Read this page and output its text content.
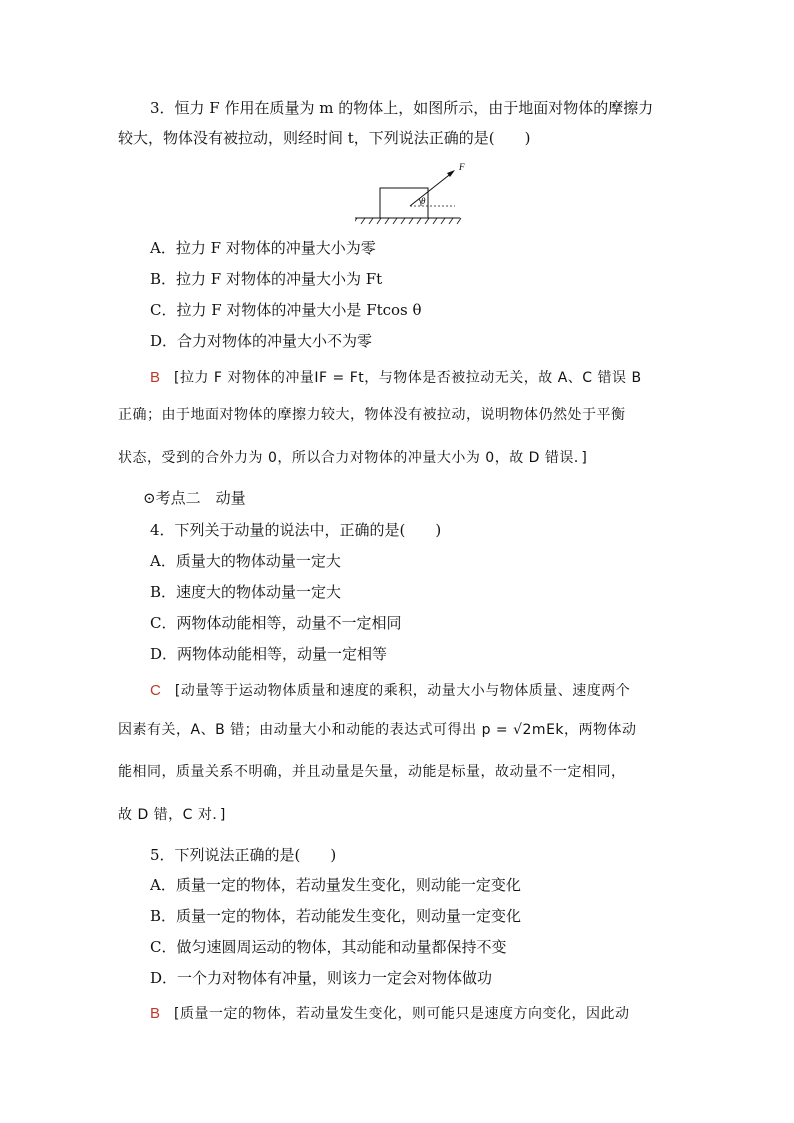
3．恒力 F 作用在质量为 m 的物体上，如图所示，由于地面对物体的摩擦力
较大，物体没有被拉动，则经时间 t，下列说法正确的是(　　)
F
θ
A．拉力 F 对物体的冲量大小为零
B．拉力 F 对物体的冲量大小为 Ft
C．拉力 F 对物体的冲量大小是 Ftcos θ
D．合力对物体的冲量大小不为零
B [拉力 F 对物体的冲量IF = Ft，与物体是否被拉动无关，故 A、C 错误 B
正确；由于地面对物体的摩擦力较大，物体没有被拉动，说明物体仍然处于平衡
状态，受到的合外力为 0，所以合力对物体的冲量大小为 0，故 D 错误．]
⊙考点二　动量
4．下列关于动量的说法中，正确的是(　　)
A．质量大的物体动量一定大
B．速度大的物体动量一定大
C．两物体动能相等，动量不一定相同
D．两物体动能相等，动量一定相等
C [动量等于运动物体质量和速度的乘积，动量大小与物体质量、速度两个
因素有关，A、B 错；由动量大小和动能的表达式可得出 p = √2mEk，两物体动
能相同，质量关系不明确，并且动量是矢量，动能是标量，故动量不一定相同，
故 D 错，C 对．]
5．下列说法正确的是(　　)
A．质量一定的物体，若动量发生变化，则动能一定变化
B．质量一定的物体，若动能发生变化，则动量一定变化
C．做匀速圆周运动的物体，其动能和动量都保持不变
D．一个力对物体有冲量，则该力一定会对物体做功
B [质量一定的物体，若动量发生变化，则可能只是速度方向变化，因此动
